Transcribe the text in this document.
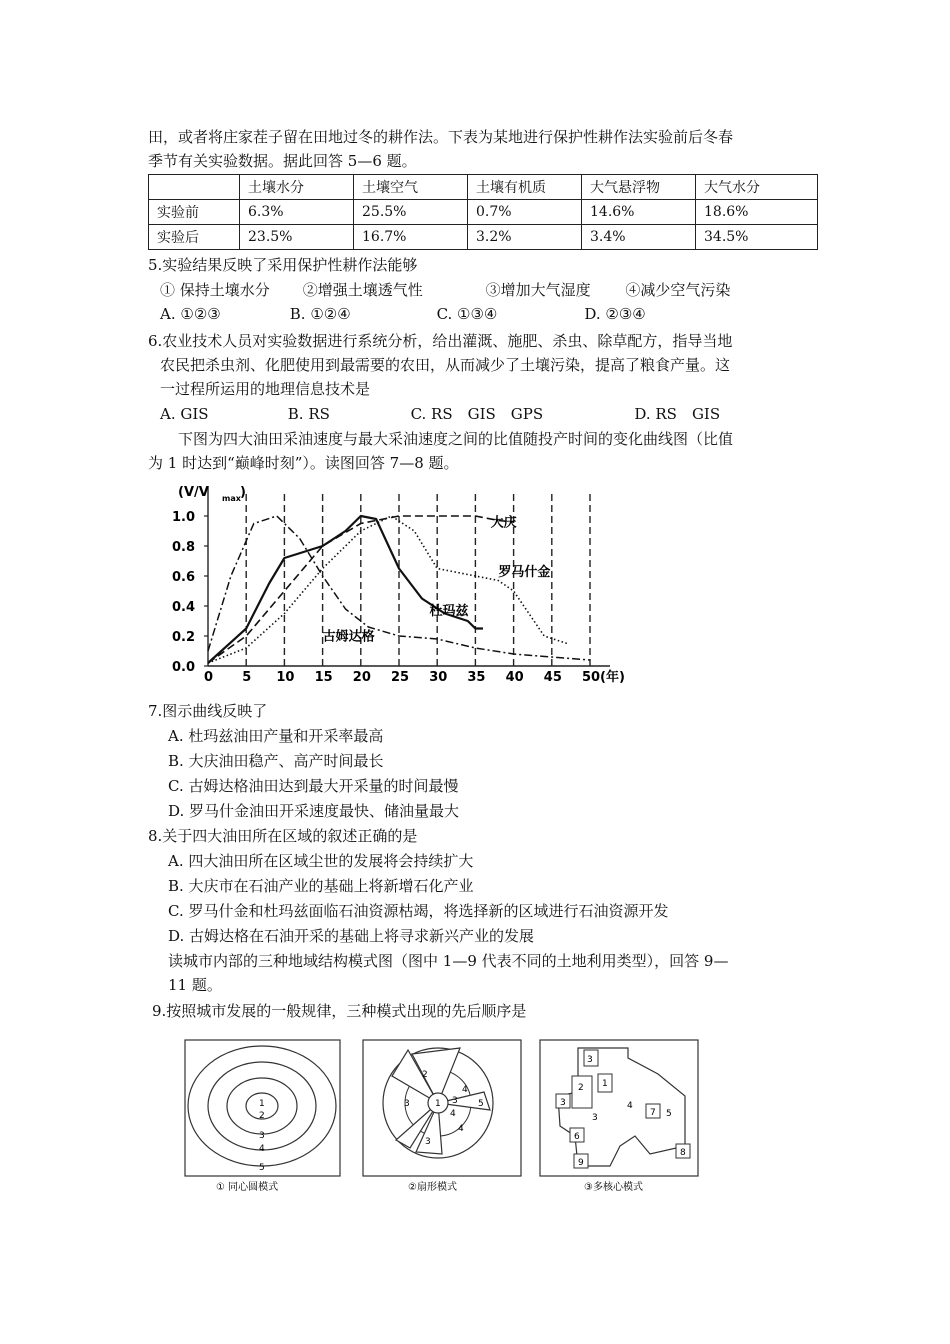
田，或者将庄家茬子留在田地过冬的耕作法。下表为某地进行保护性耕作法实验前后冬春
季节有关实验数据。据此回答 5—6 题。
	土壤水分	土壤空气	土壤有机质	大气悬浮物	大气水分
实验前	6.3%	25.5%	0.7%	14.6%	18.6%
实验后	23.5%	16.7%	3.2%	3.4%	34.5%
5.实验结果反映了采用保护性耕作法能够
① 保持土壤水分 ②增强土壤透气性	③增加大气湿度 ④减少空气污染
A. ①②③	B. ①②④	C. ①③④	D. ②③④
6.农业技术人员对实验数据进行系统分析，给出灌溉、施肥、杀虫、除草配方，指导当地
农民把杀虫剂、化肥使用到最需要的农田，从而减少了土壤污染，提高了粮食产量。这
一过程所运用的地理信息技术是
A. GIS	B. RS	C. RS　GIS　GPS	D. RS　GIS
下图为四大油田采油速度与最大采油速度之间的比值随投产时间的变化曲线图（比值
为 1 时达到“巅峰时刻”）。读图回答 7—8 题。
0.0
0.2
0.4
0.6
0.8
1.0
0 5 10 15 20 25 30 35 40 45 50 (年)
(V/V max )
大庆
罗马什金
杜玛兹
古姆达格
7.图示曲线反映了
A. 杜玛兹油田产量和开采率最高
B. 大庆油田稳产、高产时间最长
C. 古姆达格油田达到最大开采量的时间最慢
D. 罗马什金油田开采速度最快、储油量最大
8.关于四大油田所在区域的叙述正确的是
A. 四大油田所在区域尘世的发展将会持续扩大
B. 大庆市在石油产业的基础上将新增石化产业
C. 罗马什金和杜玛兹面临石油资源枯竭，将选择新的区域进行石油资源开发
D. 古姆达格在石油开采的基础上将寻求新兴产业的发展
读城市内部的三种地域结构模式图（图中 1—9 代表不同的土地利用类型），回答 9—
11 题。
9.按照城市发展的一般规律，三种模式出现的先后顺序是
1
2
3
4
5
① 同心圆模式
2
3
4
3
1
4
5
4
3
②扇形模式
3
2 1
3
3
4
7 5
6
9
8
③多核心模式
